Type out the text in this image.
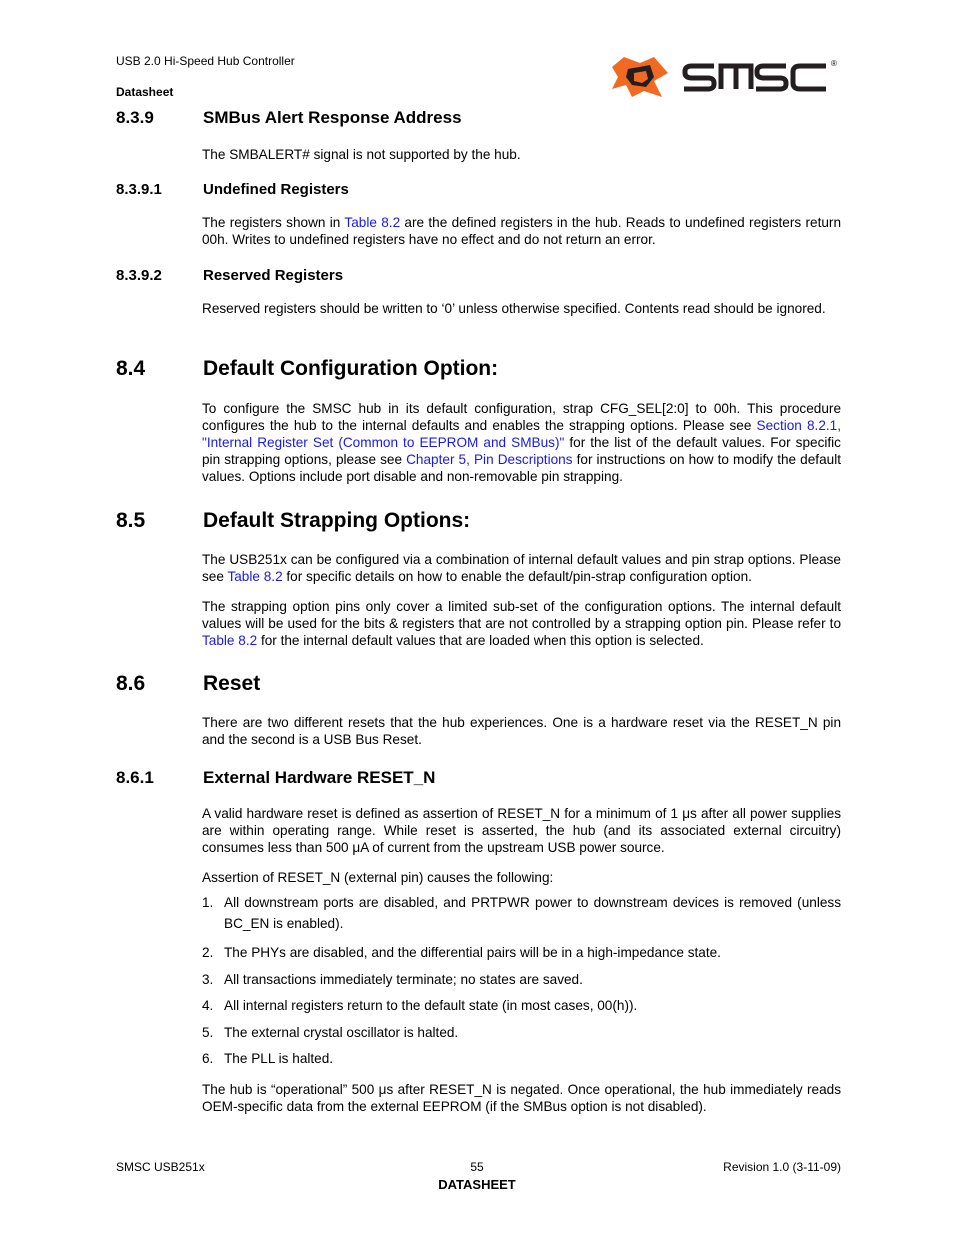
USB 2.0 Hi-Speed Hub Controller
Datasheet
®
8.3.9	SMBus Alert Response Address
The SMBALERT# signal is not supported by the hub.
8.3.9.1	Undefined Registers
The registers shown in Table 8.2 are the defined registers in the hub. Reads to undefined registers return 00h. Writes to undefined registers have no effect and do not return an error.
8.3.9.2	Reserved Registers
Reserved registers should be written to ‘0’ unless otherwise specified. Contents read should be ignored.
8.4	Default Configuration Option:
To configure the SMSC hub in its default configuration, strap CFG_SEL[2:0] to 00h. This procedure configures the hub to the internal defaults and enables the strapping options. Please see Section 8.2.1, "Internal Register Set (Common to EEPROM and SMBus)" for the list of the default values. For specific pin strapping options, please see Chapter 5, Pin Descriptions for instructions on how to modify the default values. Options include port disable and non-removable pin strapping.
8.5	Default Strapping Options:
The USB251x can be configured via a combination of internal default values and pin strap options. Please see Table 8.2 for specific details on how to enable the default/pin-strap configuration option.
The strapping option pins only cover a limited sub-set of the configuration options. The internal default values will be used for the bits & registers that are not controlled by a strapping option pin. Please refer to Table 8.2 for the internal default values that are loaded when this option is selected.
8.6	Reset
There are two different resets that the hub experiences. One is a hardware reset via the RESET_N pin and the second is a USB Bus Reset.
8.6.1	External Hardware RESET_N
A valid hardware reset is defined as assertion of RESET_N for a minimum of 1 μs after all power supplies are within operating range. While reset is asserted, the hub (and its associated external circuitry) consumes less than 500 μA of current from the upstream USB power source.
Assertion of RESET_N (external pin) causes the following:
1. All downstream ports are disabled, and PRTPWR power to downstream devices is removed (unless BC_EN is enabled).
2. The PHYs are disabled, and the differential pairs will be in a high-impedance state.
3. All transactions immediately terminate; no states are saved.
4. All internal registers return to the default state (in most cases, 00(h)).
5. The external crystal oscillator is halted.
6. The PLL is halted.
The hub is “operational” 500 μs after RESET_N is negated. Once operational, the hub immediately reads OEM-specific data from the external EEPROM (if the SMBus option is not disabled).
SMSC USB251x	55
DATASHEET
Revision 1.0 (3-11-09)
